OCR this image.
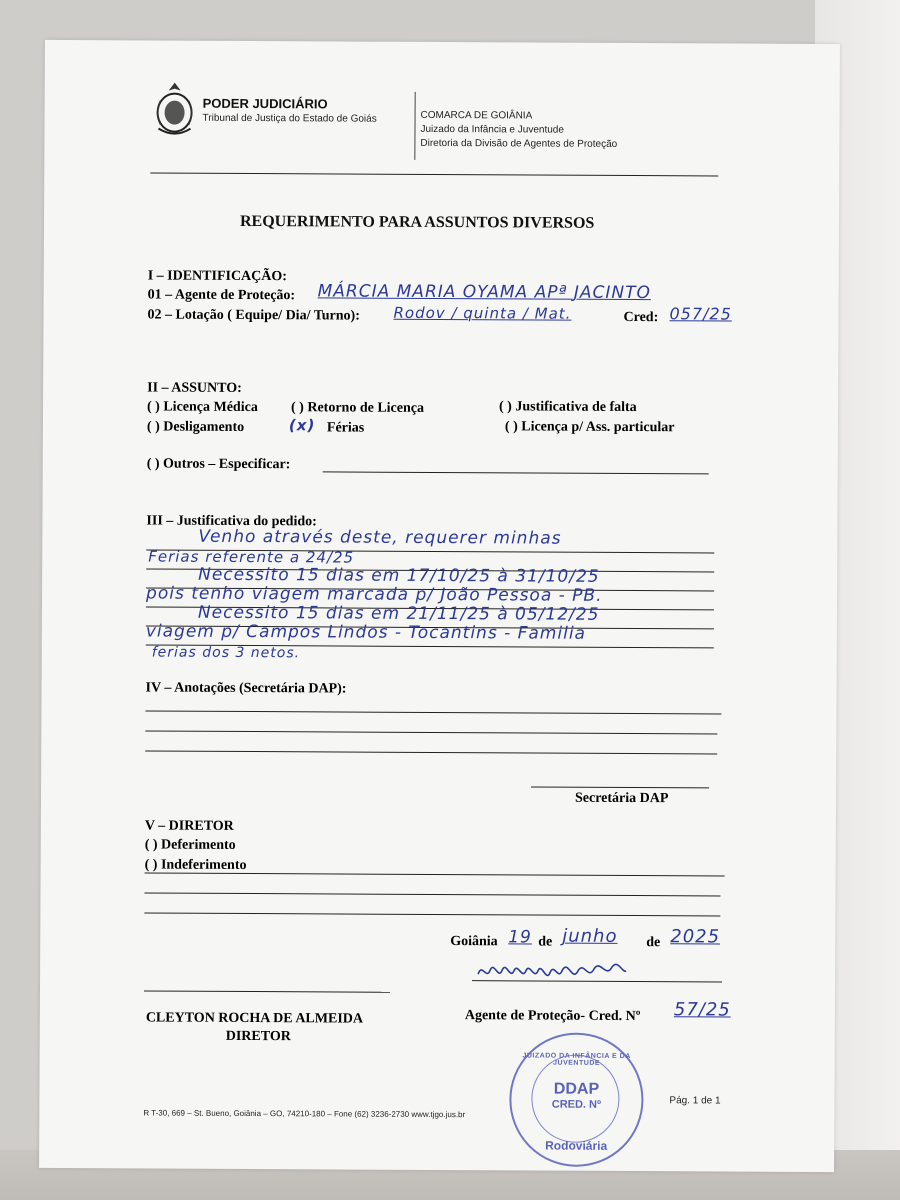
PODER JUDICIÁRIO
Tribunal de Justiça do Estado de Goiás	COMARCA DE GOIÂNIA
Juizado da Infância e Juventude
Diretoria da Divisão de Agentes de Proteção
REQUERIMENTO PARA ASSUNTOS DIVERSOS
I – IDENTIFICAÇÃO:
01 – Agente de Proteção: MÁRCIA MARIA OYAMA APª JACINTO
02 – Lotação ( Equipe/ Dia/ Turno): Rodov / quinta / Mat.	Cred: 057/25
II – ASSUNTO:
( ) Licença Médica ( ) Retorno de Licença	( ) Justificativa de falta
( ) Desligamento	(x) Férias	( ) Licença p/ Ass. particular
( ) Outros – Especificar:
III – Justificativa do pedido:
Venho através deste, requerer minhas
Ferias referente a 24/25
Necessito 15 dias em 17/10/25 à 31/10/25
pois tenho viagem marcada p/ João Pessoa - PB.
Necessito 15 dias em 21/11/25 à 05/12/25
viagem p/ Campos Lindos - Tocantins - Familia
ferias dos 3 netos.
IV – Anotações (Secretária DAP):
Secretária DAP
V – DIRETOR
( ) Deferimento
( ) Indeferimento
Goiânia 19 de junho de 2025
Agente de Proteção- Cred. Nº 57/25
CLEYTON ROCHA DE ALMEIDA
DIRETOR
JUIZADO DA INFÂNCIA E DA JUVENTUDE
DDAP
CRED. Nº
Rodoviária
R T-30, 669 – St. Bueno, Goiânia – GO, 74210-180 – Fone (62) 3236-2730 www.tjgo.jus.br
Pág. 1 de 1
